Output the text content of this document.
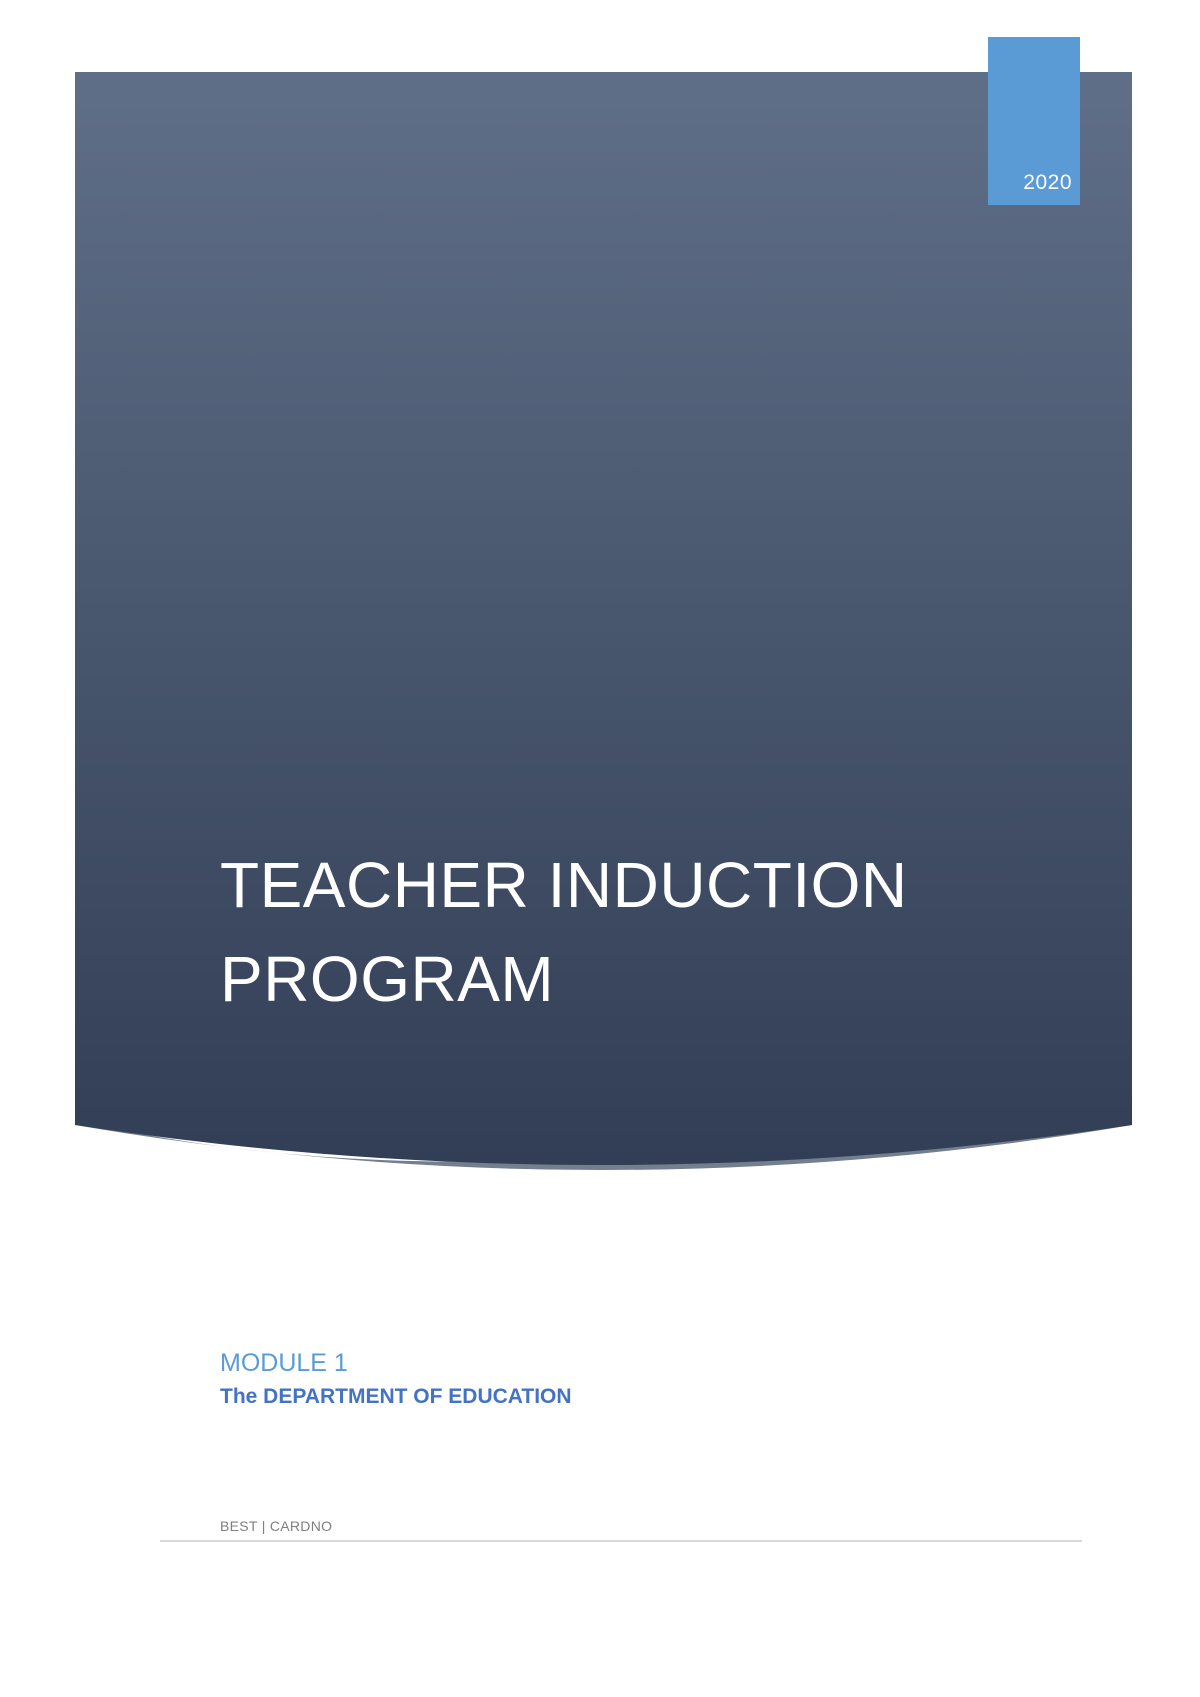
2020
TEACHER INDUCTION
PROGRAM
MODULE 1
The DEPARTMENT OF EDUCATION
BEST | CARDNO
